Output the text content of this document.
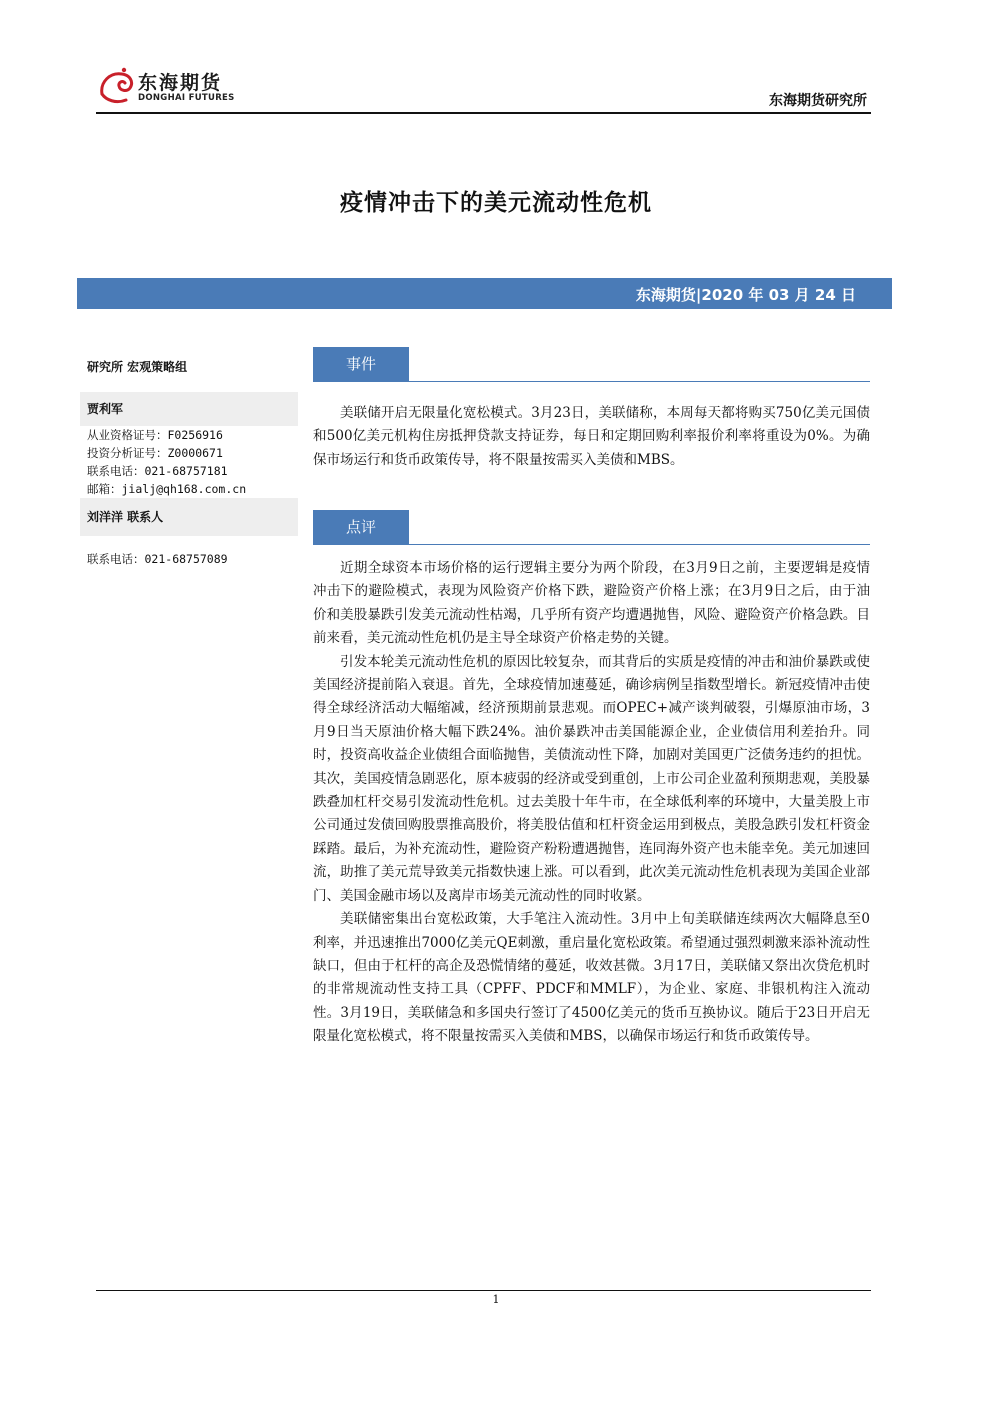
东海期货
DONGHAI FUTURES	东海期货研究所
疫情冲击下的美元流动性危机
东海期货|2020 年 03 月 24 日
研究所 宏观策略组
贾利军
从业资格证号：F0256916
投资分析证号：Z0000671
联系电话：021-68757181
邮箱：jialj@qh168.com.cn
刘洋洋 联系人
联系电话：021-68757089
事件

美联储开启无限量化宽松模式。3月23日，美联储称，本周每天都将购买750亿美元国债和500亿美元机构住房抵押贷款支持证券，每日和定期回购利率报价利率将重设为0%。为确保市场运行和货币政策传导，将不限量按需买入美债和MBS。

点评

近期全球资本市场价格的运行逻辑主要分为两个阶段，在3月9日之前，主要逻辑是疫情冲击下的避险模式，表现为风险资产价格下跌，避险资产价格上涨；在3月9日之后，由于油价和美股暴跌引发美元流动性枯竭，几乎所有资产均遭遇抛售，风险、避险资产价格急跌。目前来看，美元流动性危机仍是主导全球资产价格走势的关键。

引发本轮美元流动性危机的原因比较复杂，而其背后的实质是疫情的冲击和油价暴跌或使美国经济提前陷入衰退。首先，全球疫情加速蔓延，确诊病例呈指数型增长。新冠疫情冲击使得全球经济活动大幅缩减，经济预期前景悲观。而OPEC+减产谈判破裂，引爆原油市场，3月9日当天原油价格大幅下跌24%。油价暴跌冲击美国能源企业，企业债信用利差抬升。同时，投资高收益企业债组合面临抛售，美债流动性下降，加剧对美国更广泛债务违约的担忧。其次，美国疫情急剧恶化，原本疲弱的经济或受到重创，上市公司企业盈利预期悲观，美股暴跌叠加杠杆交易引发流动性危机。过去美股十年牛市，在全球低利率的环境中，大量美股上市公司通过发债回购股票推高股价，将美股估值和杠杆资金运用到极点，美股急跌引发杠杆资金踩踏。最后，为补充流动性，避险资产粉粉遭遇抛售，连同海外资产也未能幸免。美元加速回流，助推了美元荒导致美元指数快速上涨。可以看到，此次美元流动性危机表现为美国企业部门、美国金融市场以及离岸市场美元流动性的同时收紧。

美联储密集出台宽松政策，大手笔注入流动性。3月中上旬美联储连续两次大幅降息至0利率，并迅速推出7000亿美元QE刺激，重启量化宽松政策。希望通过强烈刺激来添补流动性缺口，但由于杠杆的高企及恐慌情绪的蔓延，收效甚微。3月17日，美联储又祭出次贷危机时的非常规流动性支持工具（CPFF、PDCF和MMLF），为企业、家庭、非银机构注入流动性。3月19日，美联储急和多国央行签订了4500亿美元的货币互换协议。随后于23日开启无限量化宽松模式，将不限量按需买入美债和MBS，以确保市场运行和货币政策传导。

1
